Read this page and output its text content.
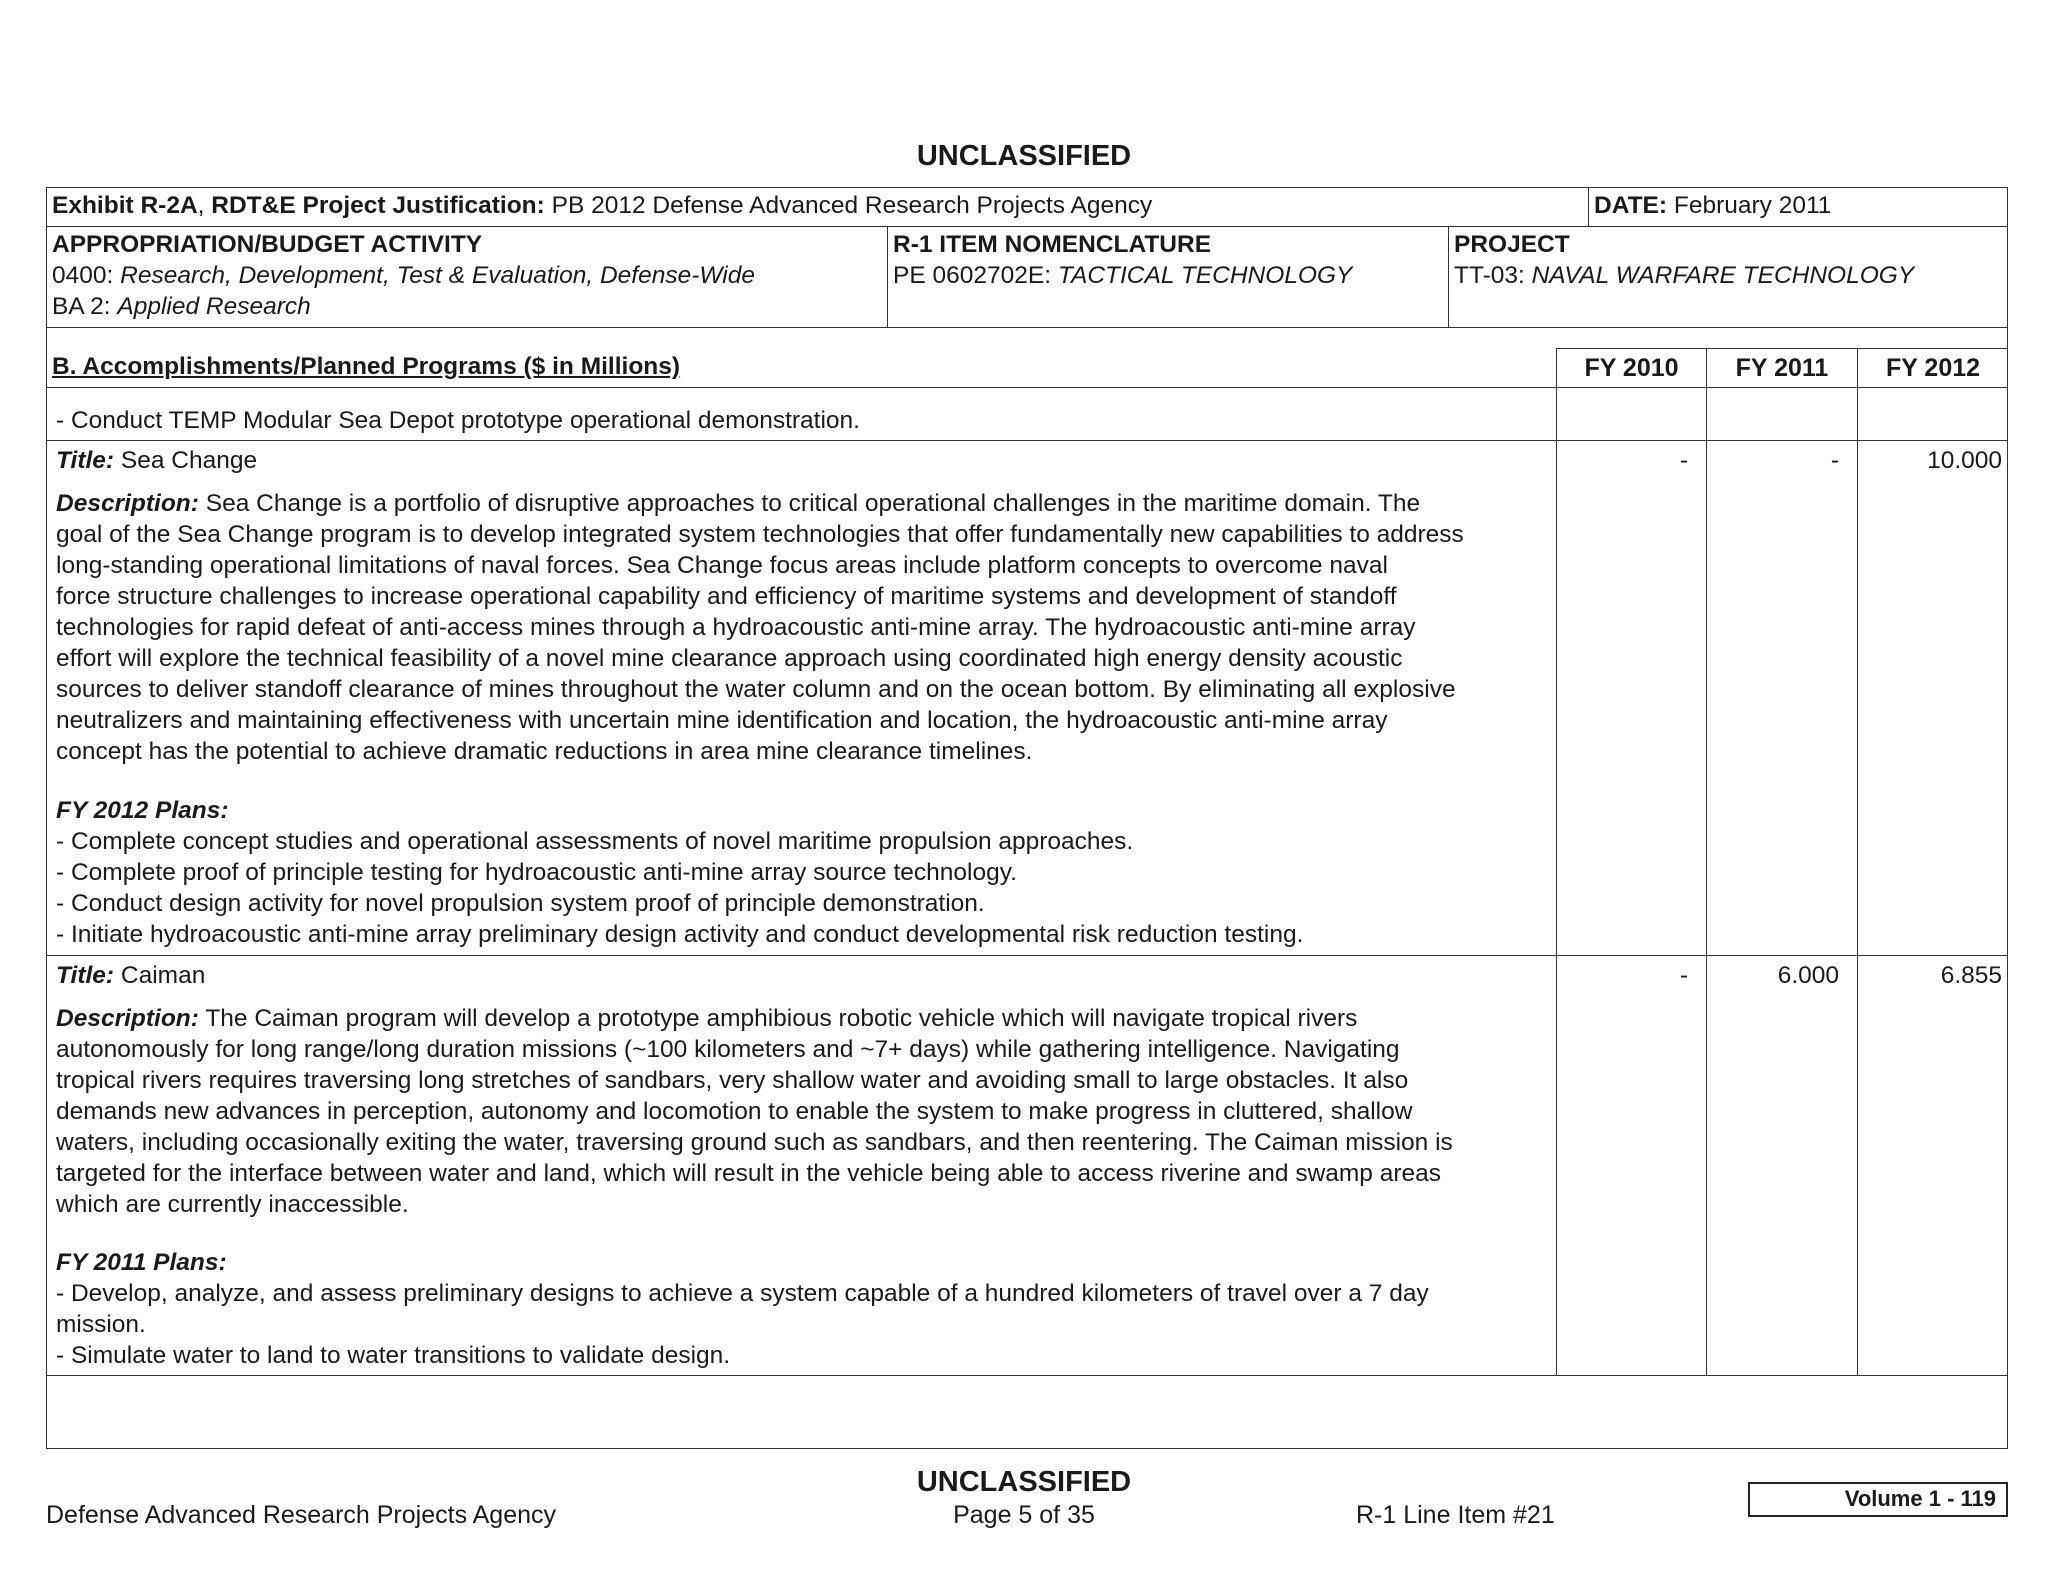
UNCLASSIFIED
Exhibit R-2A, RDT&E Project Justification: PB 2012 Defense Advanced Research Projects Agency	DATE: February 2011
APPROPRIATION/BUDGET ACTIVITY
0400: Research, Development, Test & Evaluation, Defense-Wide
BA 2: Applied Research
R-1 ITEM NOMENCLATURE
PE 0602702E: TACTICAL TECHNOLOGY
PROJECT
TT-03: NAVAL WARFARE TECHNOLOGY
B. Accomplishments/Planned Programs ($ in Millions)	FY 2010	FY 2011	FY 2012
- Conduct TEMP Modular Sea Depot prototype operational demonstration.
Title: Sea Change	-	-	10.000
Description: Sea Change is a portfolio of disruptive approaches to critical operational challenges in the maritime domain. The
goal of the Sea Change program is to develop integrated system technologies that offer fundamentally new capabilities to address
long-standing operational limitations of naval forces. Sea Change focus areas include platform concepts to overcome naval
force structure challenges to increase operational capability and efficiency of maritime systems and development of standoff
technologies for rapid defeat of anti-access mines through a hydroacoustic anti-mine array. The hydroacoustic anti-mine array
effort will explore the technical feasibility of a novel mine clearance approach using coordinated high energy density acoustic
sources to deliver standoff clearance of mines throughout the water column and on the ocean bottom. By eliminating all explosive
neutralizers and maintaining effectiveness with uncertain mine identification and location, the hydroacoustic anti-mine array
concept has the potential to achieve dramatic reductions in area mine clearance timelines.
FY 2012 Plans:
- Complete concept studies and operational assessments of novel maritime propulsion approaches.
- Complete proof of principle testing for hydroacoustic anti-mine array source technology.
- Conduct design activity for novel propulsion system proof of principle demonstration.
- Initiate hydroacoustic anti-mine array preliminary design activity and conduct developmental risk reduction testing.
Title: Caiman	-	6.000	6.855
Description: The Caiman program will develop a prototype amphibious robotic vehicle which will navigate tropical rivers
autonomously for long range/long duration missions (~100 kilometers and ~7+ days) while gathering intelligence. Navigating
tropical rivers requires traversing long stretches of sandbars, very shallow water and avoiding small to large obstacles. It also
demands new advances in perception, autonomy and locomotion to enable the system to make progress in cluttered, shallow
waters, including occasionally exiting the water, traversing ground such as sandbars, and then reentering. The Caiman mission is
targeted for the interface between water and land, which will result in the vehicle being able to access riverine and swamp areas
which are currently inaccessible.
FY 2011 Plans:
- Develop, analyze, and assess preliminary designs to achieve a system capable of a hundred kilometers of travel over a 7 day
mission.
- Simulate water to land to water transitions to validate design.
UNCLASSIFIED
Defense Advanced Research Projects Agency	Page 5 of 35	R-1 Line Item #21
Volume 1 - 119
